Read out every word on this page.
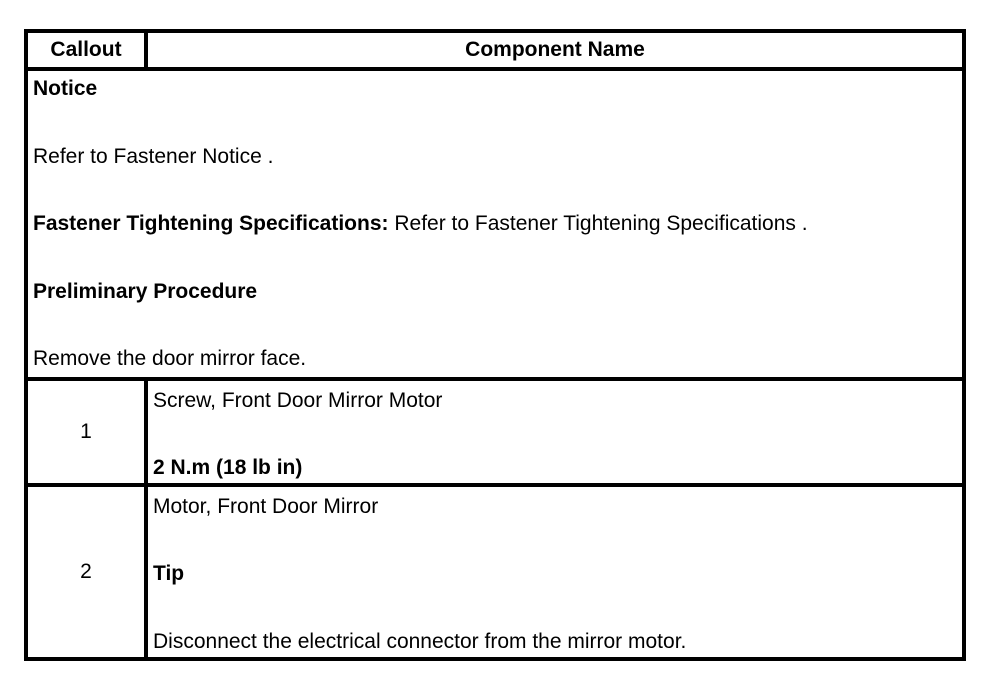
Callout	Component Name

Notice
Refer to Fastener Notice .
Fastener Tightening Specifications: Refer to Fastener Tightening Specifications .
Preliminary Procedure
Remove the door mirror face.	

1	Screw, Front Door Mirror Motor
2 N.m (18 lb in)

2	Motor, Front Door Mirror
Tip
Disconnect the electrical connector from the mirror motor.
